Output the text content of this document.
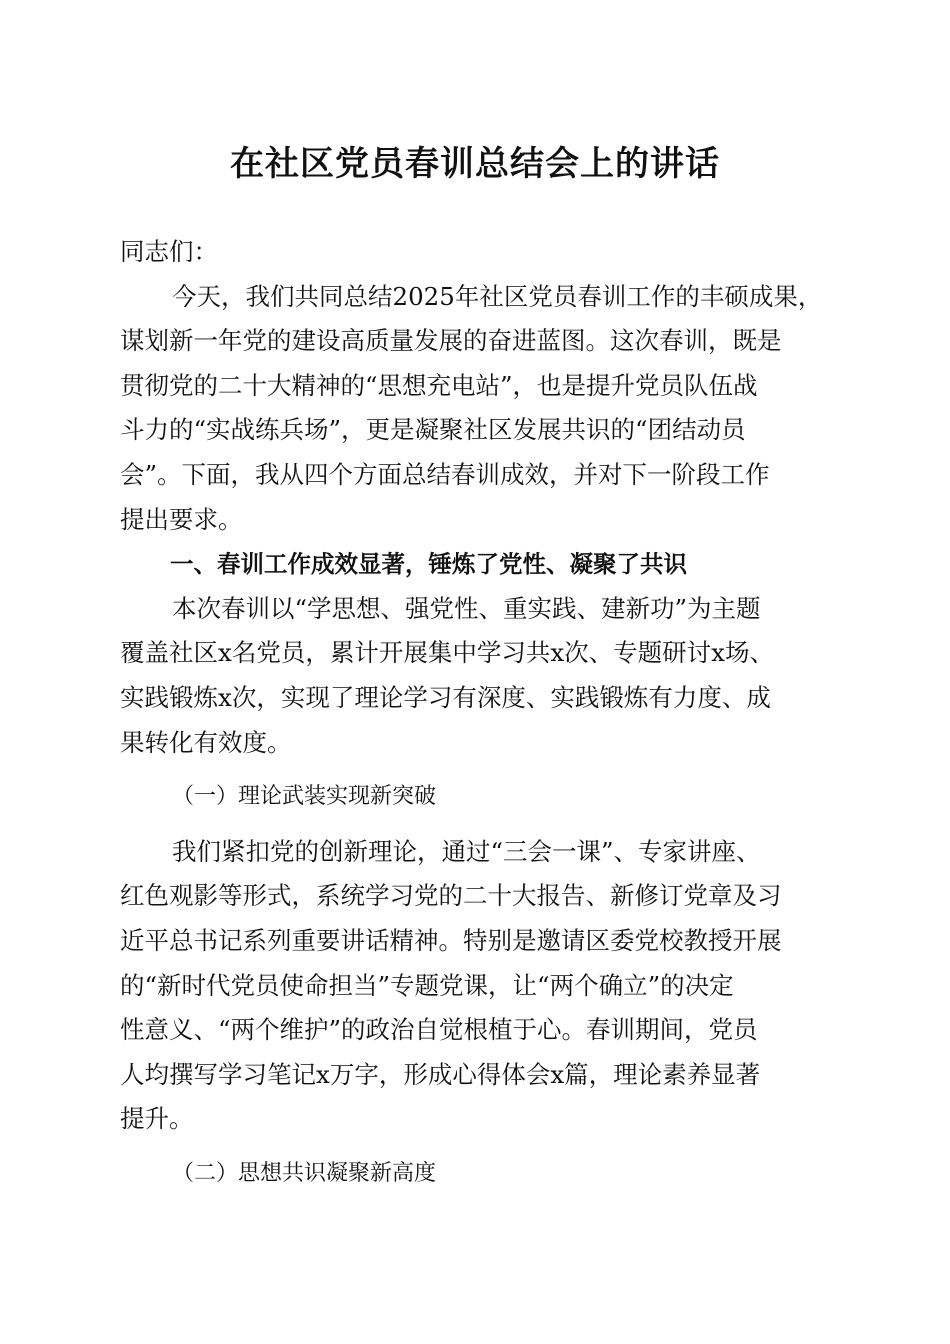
在社区党员春训总结会上的讲话
同志们：
今天，我们共同总结2025年社区党员春训工作的丰硕成果，
谋划新一年党的建设高质量发展的奋进蓝图。这次春训，既是
贯彻党的二十大精神的“思想充电站”，也是提升党员队伍战
斗力的“实战练兵场”，更是凝聚社区发展共识的“团结动员
会”。下面，我从四个方面总结春训成效，并对下一阶段工作
提出要求。
一、春训工作成效显著，锤炼了党性、凝聚了共识
本次春训以“学思想、强党性、重实践、建新功”为主题
覆盖社区x名党员，累计开展集中学习共x次、专题研讨x场、
实践锻炼x次，实现了理论学习有深度、实践锻炼有力度、成
果转化有效度。
（一）理论武装实现新突破
我们紧扣党的创新理论，通过“三会一课”、专家讲座、
红色观影等形式，系统学习党的二十大报告、新修订党章及习
近平总书记系列重要讲话精神。特别是邀请区委党校教授开展
的“新时代党员使命担当”专题党课，让“两个确立”的决定
性意义、“两个维护”的政治自觉根植于心。春训期间，党员
人均撰写学习笔记x万字，形成心得体会x篇，理论素养显著
提升。
（二）思想共识凝聚新高度
